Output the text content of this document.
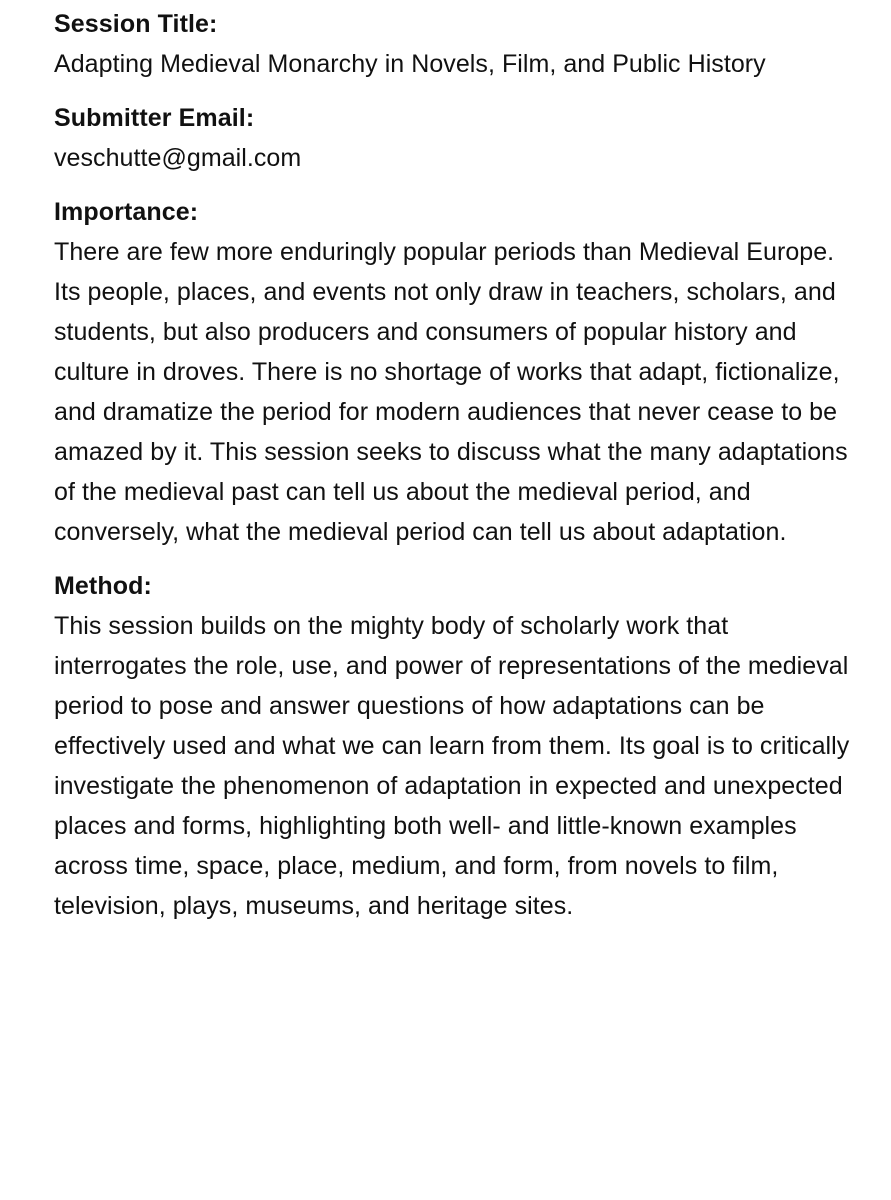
Session Title:
Adapting Medieval Monarchy in Novels, Film, and Public History
Submitter Email:
veschutte@gmail.com
Importance:
There are few more enduringly popular periods than Medieval Europe. Its people, places, and events not only draw in teachers, scholars, and students, but also producers and consumers of popular history and culture in droves. There is no shortage of works that adapt, fictionalize, and dramatize the period for modern audiences that never cease to be amazed by it. This session seeks to discuss what the many adaptations of the medieval past can tell us about the medieval period, and conversely, what the medieval period can tell us about adaptation.
Method:
This session builds on the mighty body of scholarly work that interrogates the role, use, and power of representations of the medieval period to pose and answer questions of how adaptations can be effectively used and what we can learn from them. Its goal is to critically investigate the phenomenon of adaptation in expected and unexpected places and forms, highlighting both well- and little-known examples across time, space, place, medium, and form, from novels to film, television, plays, museums, and heritage sites.
